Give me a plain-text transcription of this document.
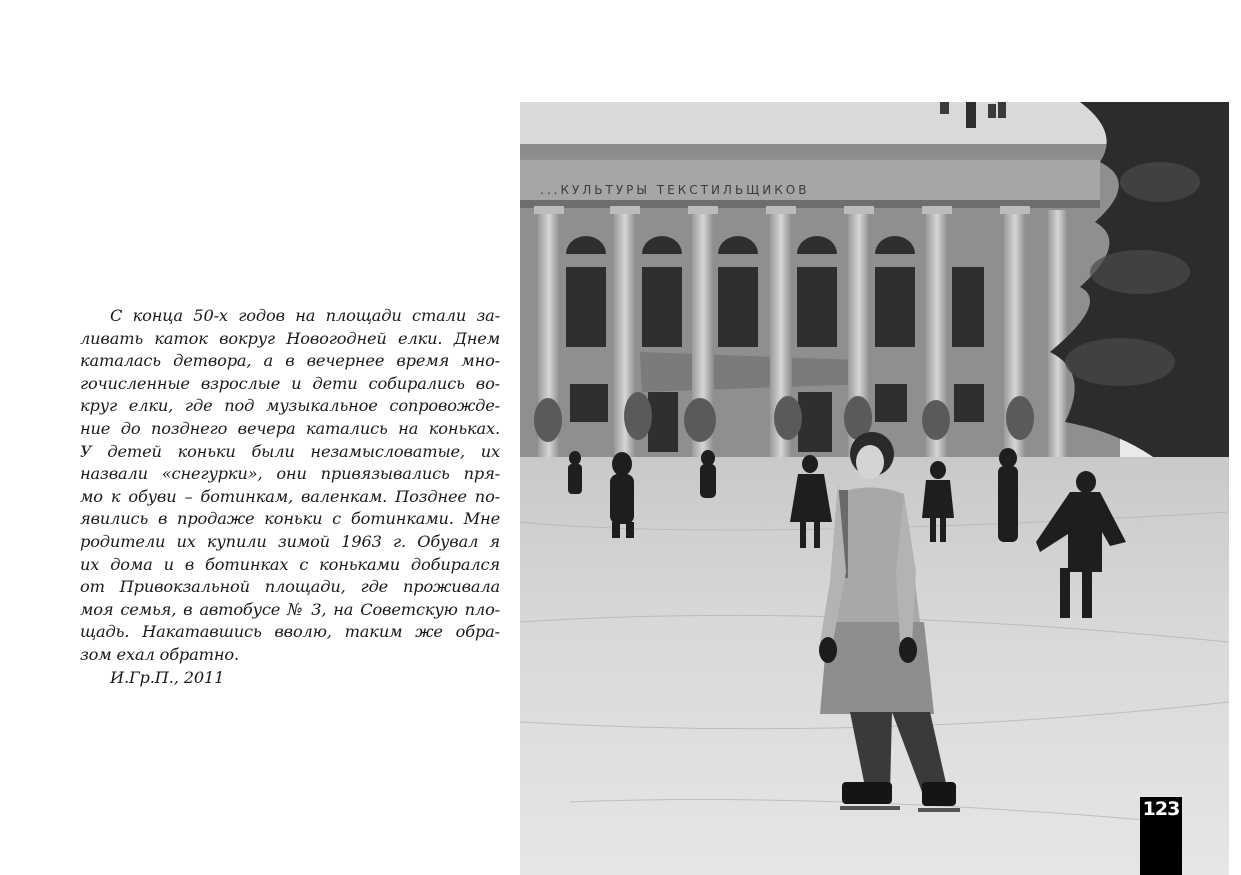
С конца 50-х годов на площади стали за-
ливать каток вокруг Новогодней елки. Днем
каталась детвора, а в вечернее время мно-
гочисленные взрослые и дети собирались во-
круг елки, где под музыкальное сопровожде-
ние до позднего вечера катались на коньках.
У детей коньки были незамысловатые, их
назвали «снегурки», они привязывались пря-
мо к обуви – ботинкам, валенкам. Позднее по-
явились в продаже коньки с ботинками. Мне
родители их купили зимой 1963 г. Обувал я
их дома и в ботинках с коньками добирался
от Привокзальной площади, где проживала
моя семья, в автобусе № 3, на Советскую пло-
щадь. Накатавшись вволю, таким же обра-
зом ехал обратно.
И.Гр.П., 2011
...КУЛЬТУРЫ ТЕКСТИЛЬЩИКОВ
123
